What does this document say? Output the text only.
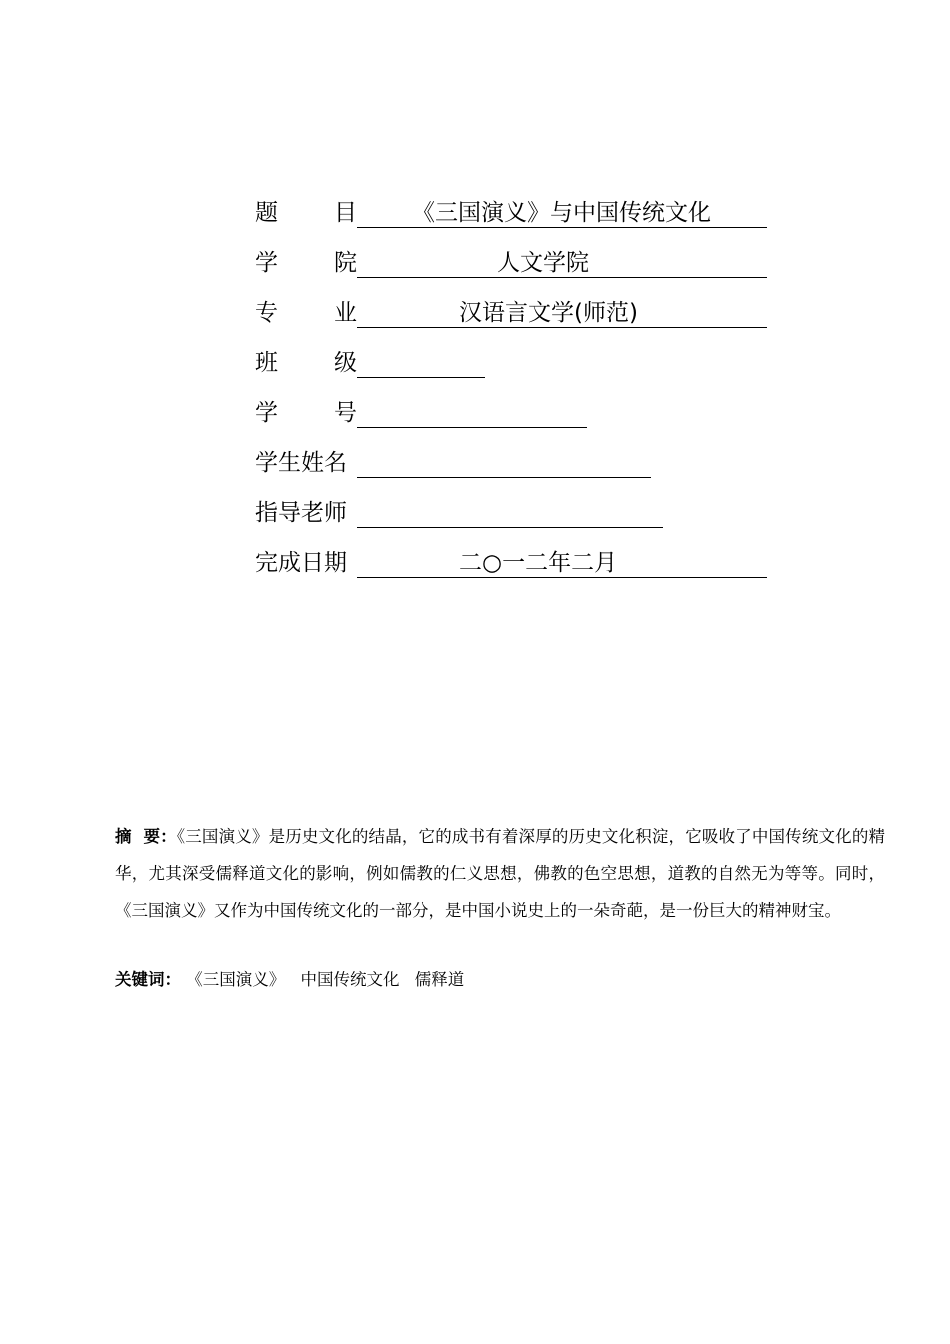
题 目	《三国演义》与中国传统文化
学 院	人文学院
专 业	汉语言文学(师范)
班 级
学 号
学生姓名
指导老师
完成日期	二○一二年二月
摘  要：《三国演义》是历史文化的结晶，它的成书有着深厚的历史文化积淀，它吸收了中国传统文化的精华，尤其深受儒释道文化的影响，例如儒教的仁义思想，佛教的色空思想，道教的自然无为等等。同时，《三国演义》又作为中国传统文化的一部分，是中国小说史上的一朵奇葩，是一份巨大的精神财宝。
关键词： 《三国演义》 中国传统文化 儒释道
